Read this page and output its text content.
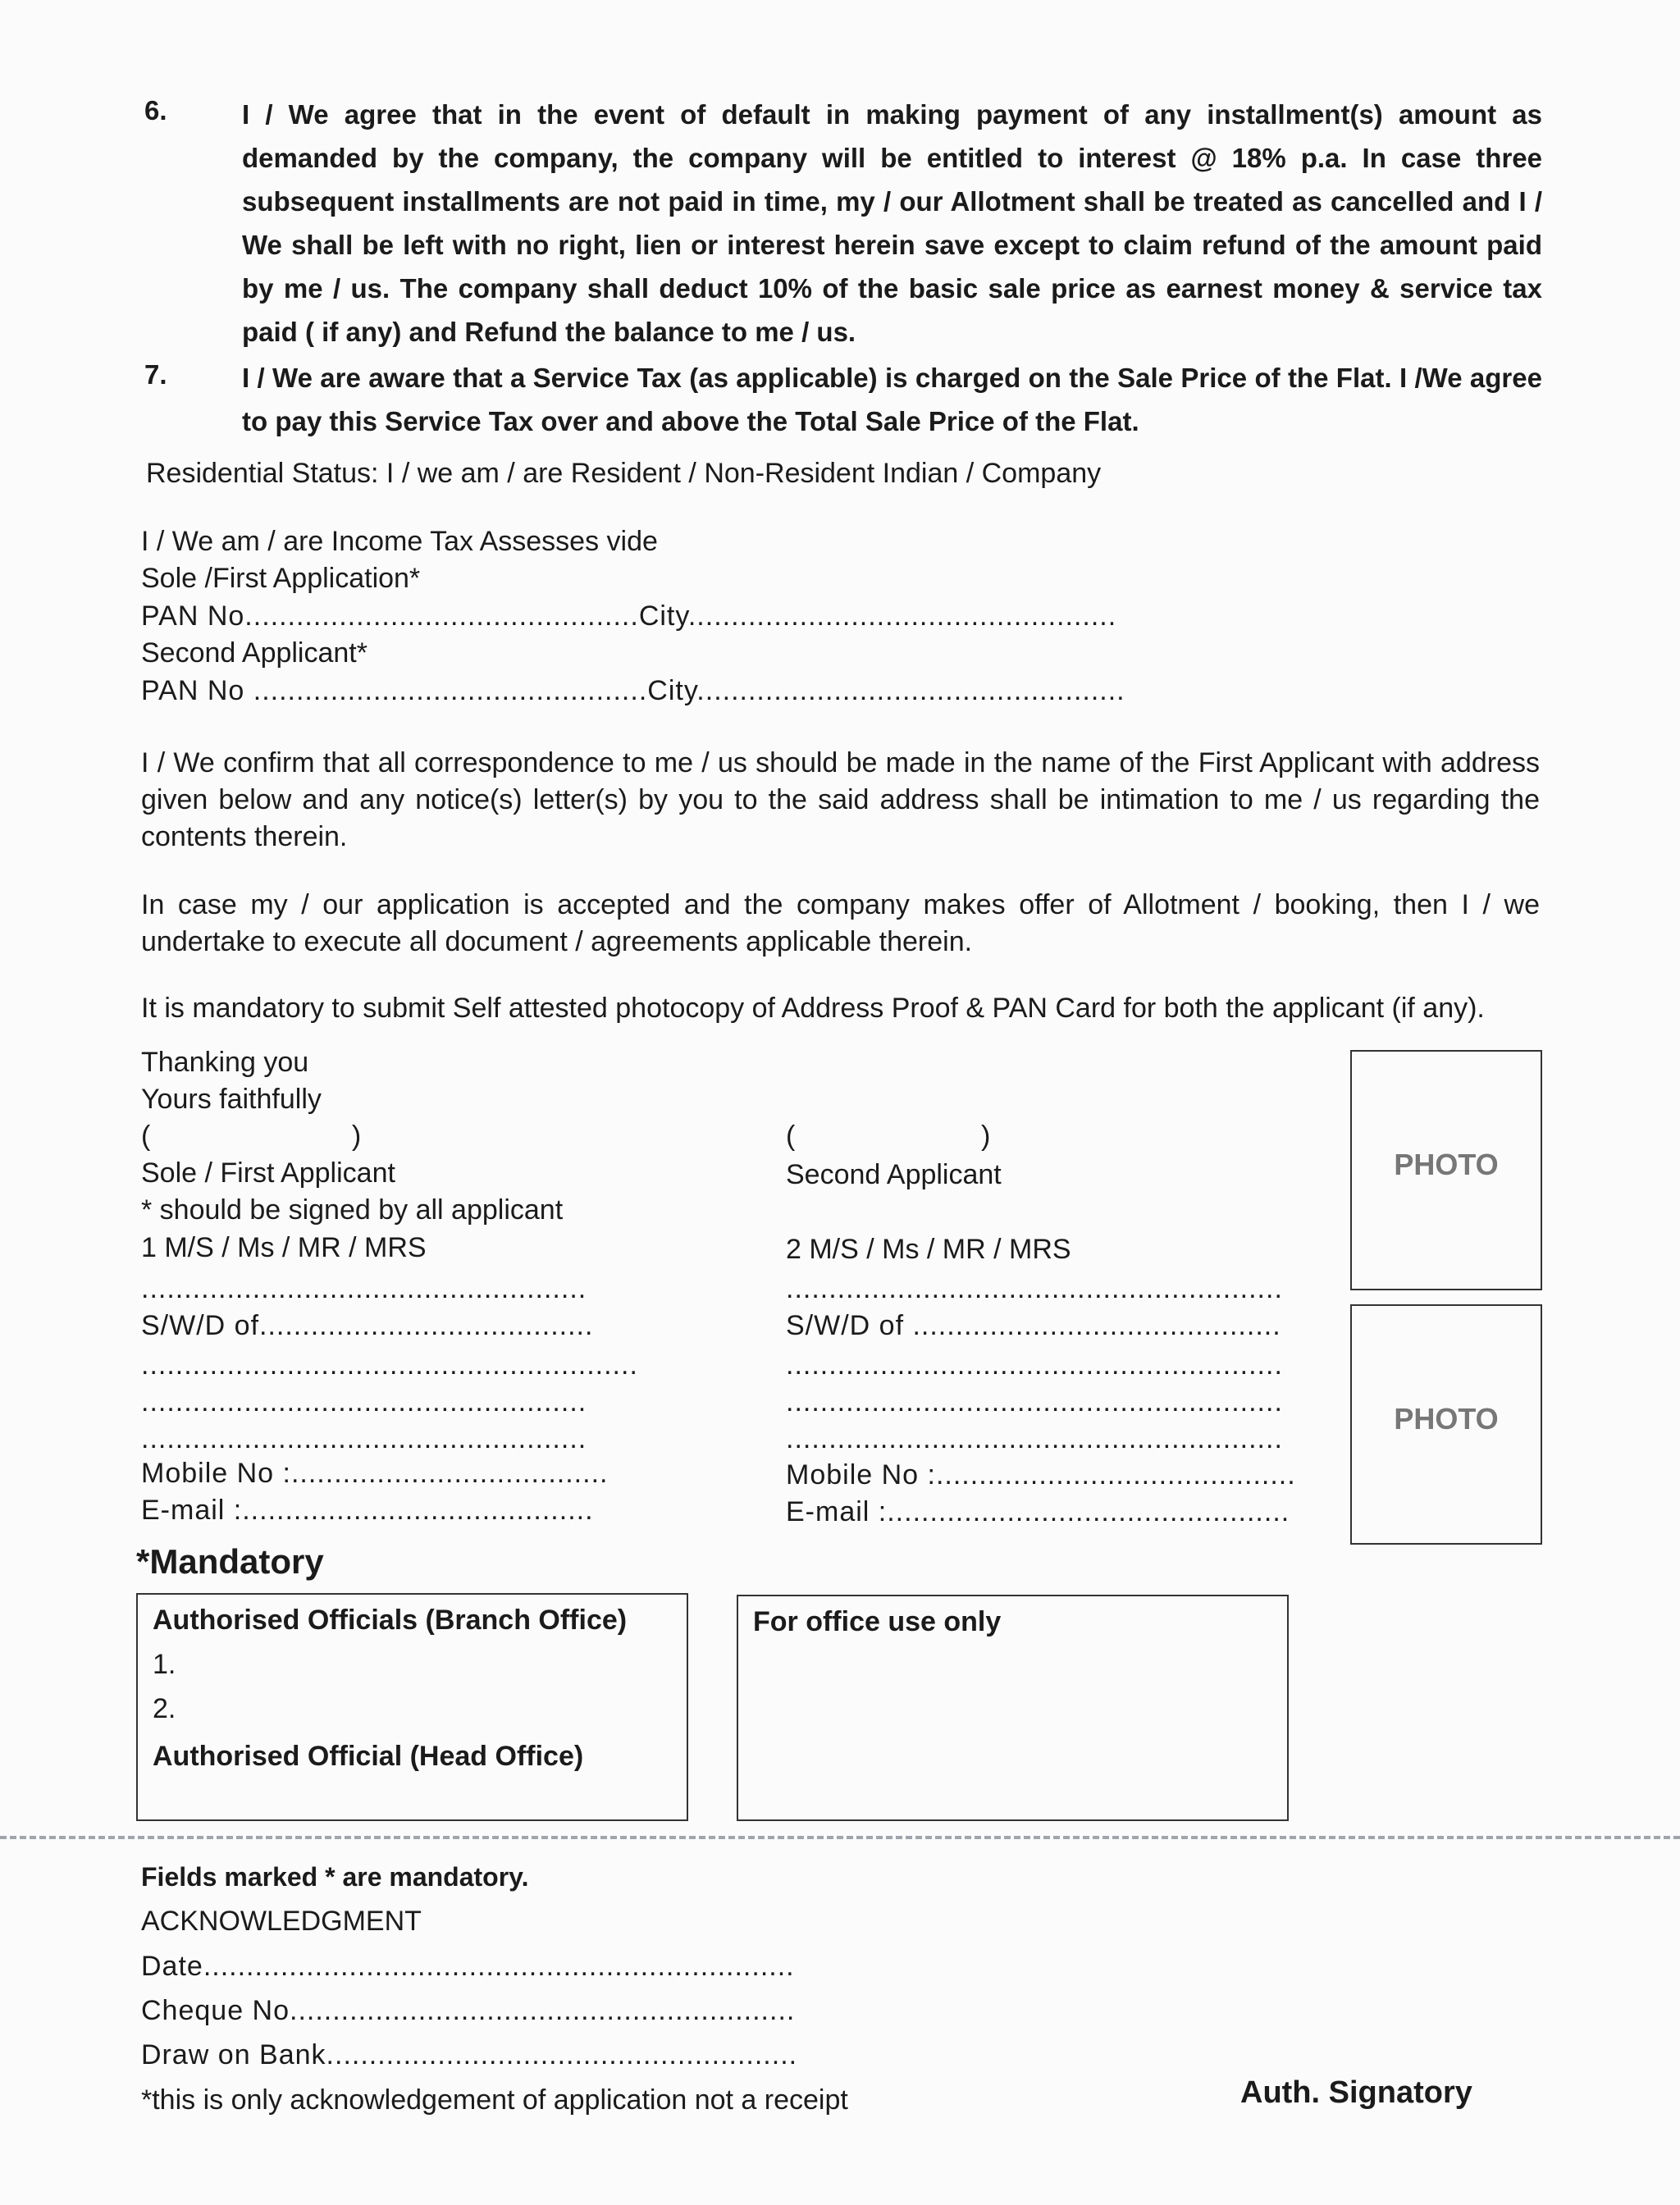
6.	I / We agree that in the event of default in making payment of any installment(s) amount as demanded by the company, the company will be entitled to interest @ 18% p.a. In case three subsequent installments are not paid in time, my / our Allotment shall be treated as cancelled and I / We shall be left with no right, lien or interest herein save except to claim refund of the amount paid by me / us. The company shall deduct 10% of the basic sale price as earnest money & service tax paid ( if any) and Refund the balance to me / us.
7.	I / We are aware that a Service Tax (as applicable) is charged on the Sale Price of the Flat. I /We agree to pay this Service Tax over and above the Total Sale Price of the Flat.
Residential Status: I / we am / are Resident / Non-Resident Indian / Company
I / We am / are Income Tax Assesses vide
Sole /First Application*
PAN No..............................................City..................................................
Second Applicant*
PAN No ..............................................City..................................................
I / We confirm that all correspondence to me / us should be made in the name of the First Applicant with address given below and any notice(s) letter(s) by you to the said address shall be intimation to me / us regarding the contents therein.
In case my / our application is accepted and the company makes offer of Allotment / booking, then I / we undertake to execute all document / agreements applicable therein.
It is mandatory to submit Self attested photocopy of Address Proof & PAN Card for both the applicant (if any).
Thanking you
Yours faithfully
(                          )
Sole / First Applicant
* should be signed by all applicant
1 M/S / Ms / MR / MRS
....................................................
S/W/D of.......................................
..........................................................
....................................................
....................................................
Mobile No :.....................................
E-mail :.........................................
(                        )
Second Applicant
2 M/S / Ms / MR / MRS
..........................................................
S/W/D of ...........................................
..........................................................
..........................................................
..........................................................
Mobile No :..........................................
E-mail :...............................................
PHOTO
PHOTO
*Mandatory
Authorised Officials (Branch Office)
1.
2.
Authorised Official (Head Office)
For office use only
Fields marked * are mandatory.
ACKNOWLEDGMENT
Date.....................................................................
Cheque No...........................................................
Draw on Bank.......................................................
*this is only acknowledgement of application not a receipt	Auth. Signatory
